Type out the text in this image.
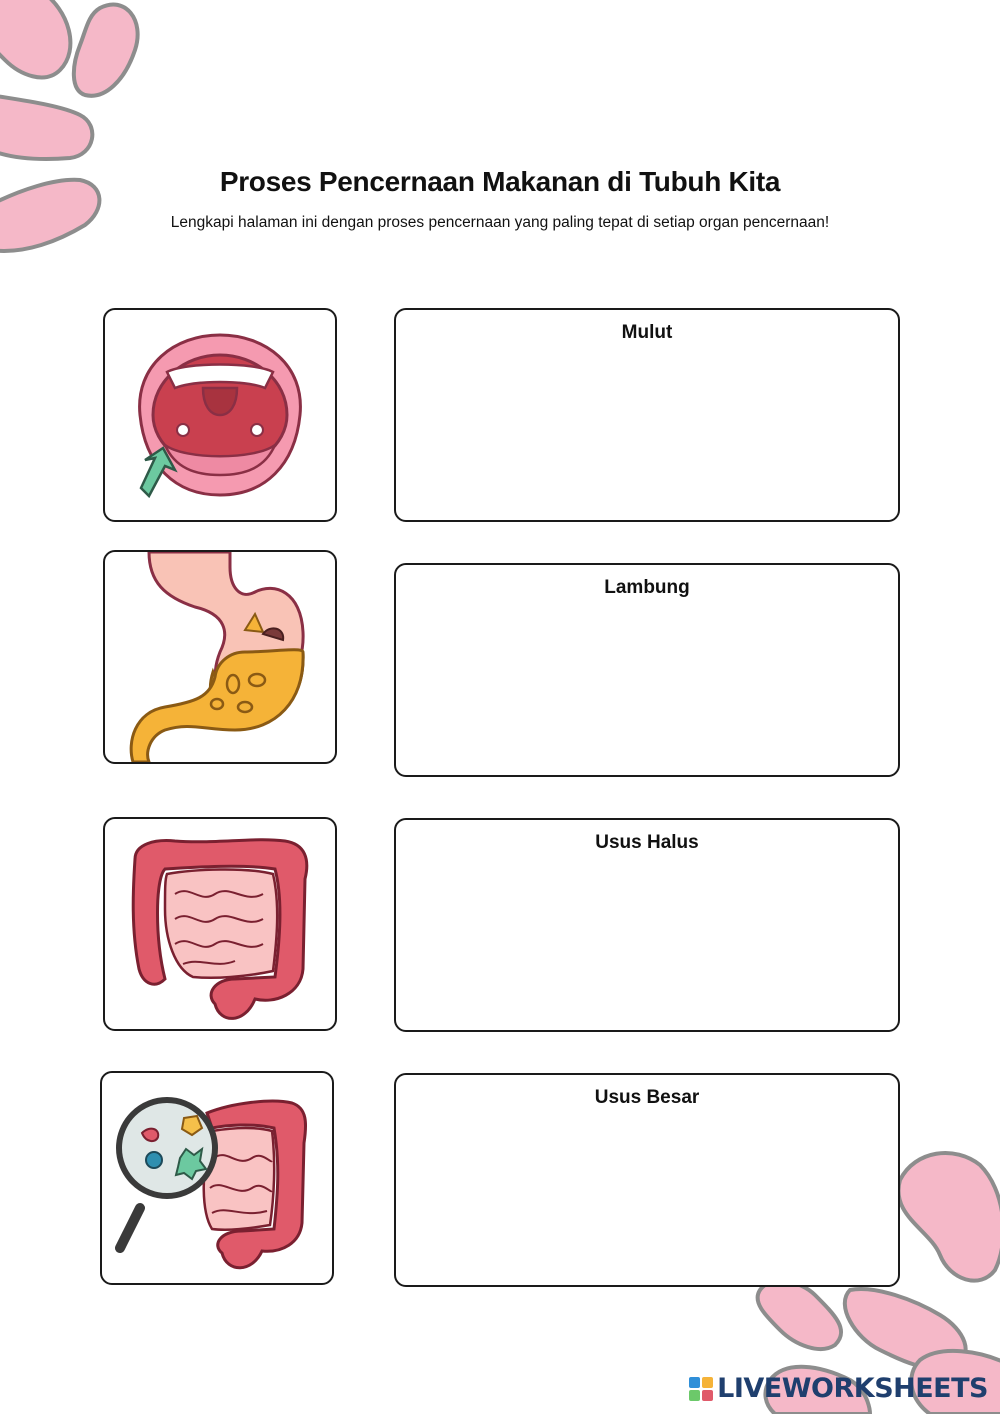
Proses Pencernaan Makanan di Tubuh Kita

Lengkapi halaman ini dengan proses pencernaan yang paling tepat di setiap organ pencernaan!

Mulut
Lambung
Usus Halus
Usus Besar
LIVEWORKSHEETS
